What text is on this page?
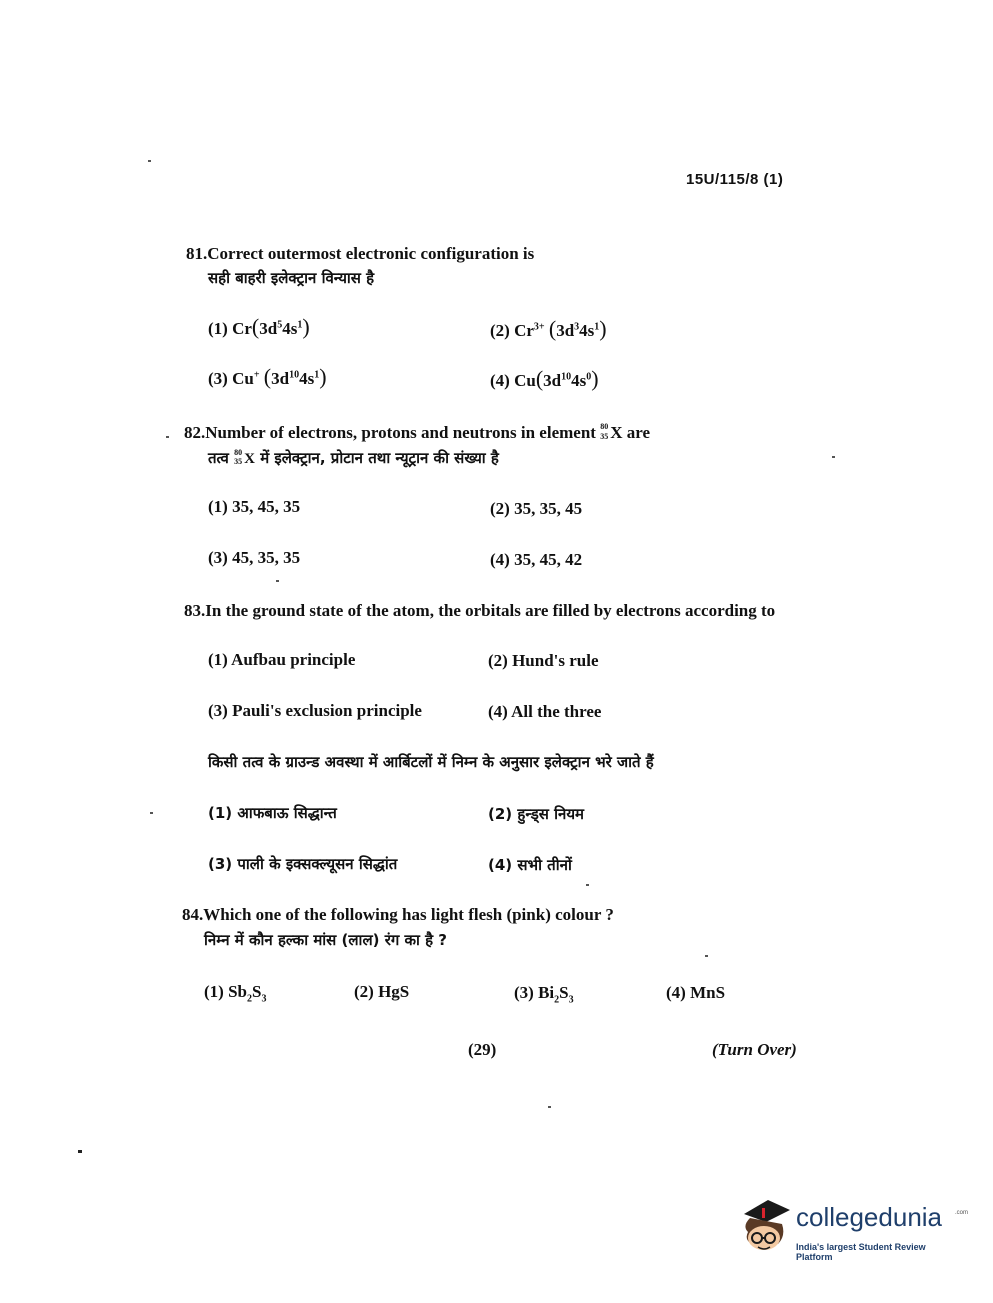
15U/115/8 (1)
81.Correct outermost electronic configuration is
सही बाहरी इलेक्ट्रान विन्यास है
(1) $Cr(3d^54s^1)$	(2) $Cr^{3+}$ $(3d^34s^1)$
(3) Cu+ $(3d^{10}4s^1)$	(4) $Cu(3d^{10}4s^0)$
82.Number of electrons, protons and neutrons in element 80
35 X are
तत्व 80
35 X में इलेक्ट्रान, प्रोटान तथा न्यूट्रान की संख्या है
(1) 35, 45, 35	(2) 35, 35, 45
(3) 45, 35, 35	(4) 35, 45, 42
83.In the ground state of the atom, the orbitals are filled by electrons according to
(1) Aufbau principle	(2) Hund's rule
(3) Pauli's exclusion principle	(4) All the three
किसी तत्व के ग्राउन्ड अवस्था में आर्बिटलों में निम्न के अनुसार इलेक्ट्रान भरे जाते हैं
(1) आफबाऊ सिद्धान्त	(2) हुन्ड्स नियम
(3) पाली के इक्सक्ल्यूसन सिद्धांत	(4) सभी तीनों
84.Which one of the following has light flesh (pink) colour ?
निम्न में कौन हल्का मांस (लाल) रंग का है ?
(1) $Sb_2S_3$	(2) HgS	(3) $Bi_2S_3$	(4) MnS
(29)	(Turn Over)
collegedunia .com
India's largest Student Review Platform
